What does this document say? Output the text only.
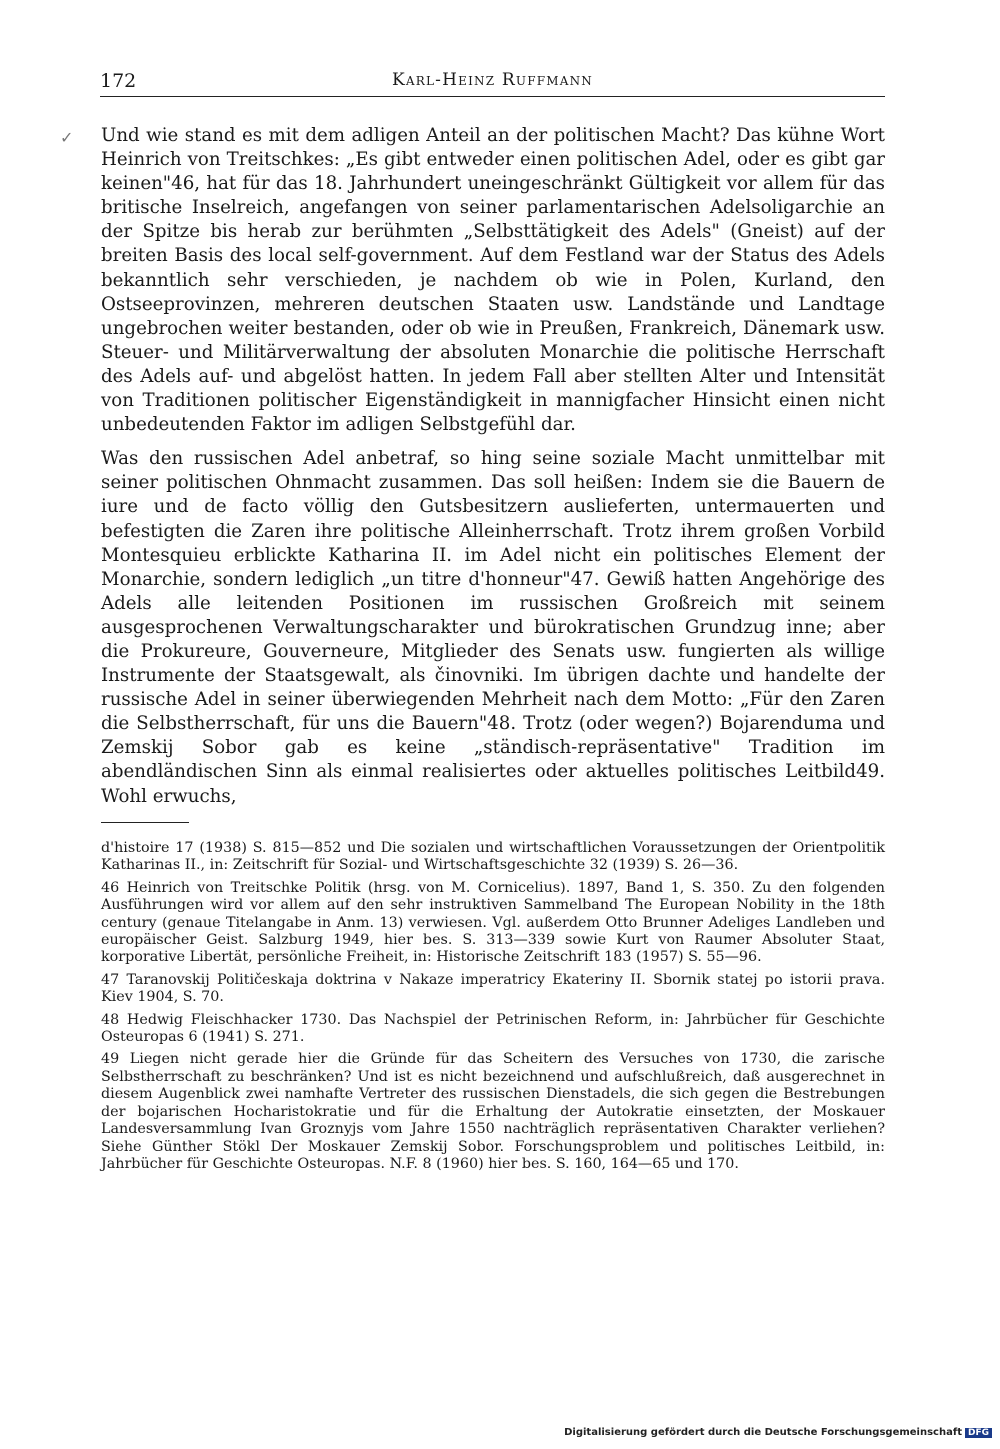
172	Karl-Heinz Ruffmann
✓ Und wie stand es mit dem adligen Anteil an der politischen Macht? Das kühne Wort Heinrich von Treitschkes: „Es gibt entweder einen politischen Adel, oder es gibt gar keinen"46, hat für das 18. Jahrhundert uneingeschränkt Gültigkeit vor allem für das britische Inselreich, angefangen von seiner parlamentarischen Adelsoligarchie an der Spitze bis herab zur berühmten „Selbsttätigkeit des Adels" (Gneist) auf der breiten Basis des local self-government. Auf dem Festland war der Status des Adels bekanntlich sehr verschieden, je nachdem ob wie in Polen, Kurland, den Ostseeprovinzen, mehreren deutschen Staaten usw. Landstände und Landtage ungebrochen weiter bestanden, oder ob wie in Preußen, Frankreich, Dänemark usw. Steuer- und Militärverwaltung der absoluten Monarchie die politische Herrschaft des Adels auf- und abgelöst hatten. In jedem Fall aber stellten Alter und Intensität von Traditionen politischer Eigenständigkeit in mannigfacher Hinsicht einen nicht unbedeutenden Faktor im adligen Selbstgefühl dar.

Was den russischen Adel anbetraf, so hing seine soziale Macht unmittelbar mit seiner politischen Ohnmacht zusammen. Das soll heißen: Indem sie die Bauern de iure und de facto völlig den Gutsbesitzern auslieferten, untermauerten und befestigten die Zaren ihre politische Alleinherrschaft. Trotz ihrem großen Vorbild Montesquieu erblickte Katharina II. im Adel nicht ein politisches Element der Monarchie, sondern lediglich „un titre d'honneur"47. Gewiß hatten Angehörige des Adels alle leitenden Positionen im russischen Großreich mit seinem ausgesprochenen Verwaltungscharakter und bürokratischen Grundzug inne; aber die Prokureure, Gouverneure, Mitglieder des Senats usw. fungierten als willige Instrumente der Staatsgewalt, als činovniki. Im übrigen dachte und handelte der russische Adel in seiner überwiegenden Mehrheit nach dem Motto: „Für den Zaren die Selbstherrschaft, für uns die Bauern"48. Trotz (oder wegen?) Bojarenduma und Zemskij Sobor gab es keine „ständisch-repräsentative" Tradition im abendländischen Sinn als einmal realisiertes oder aktuelles politisches Leitbild49. Wohl erwuchs,

d'histoire 17 (1938) S. 815—852 und Die sozialen und wirtschaftlichen Voraussetzungen der Orientpolitik Katharinas II., in: Zeitschrift für Sozial- und Wirtschaftsgeschichte 32 (1939) S. 26—36.

46 Heinrich von Treitschke Politik (hrsg. von M. Cornicelius). 1897, Band 1, S. 350. Zu den folgenden Ausführungen wird vor allem auf den sehr instruktiven Sammelband The European Nobility in the 18th century (genaue Titelangabe in Anm. 13) verwiesen. Vgl. außerdem Otto Brunner Adeliges Landleben und europäischer Geist. Salzburg 1949, hier bes. S. 313—339 sowie Kurt von Raumer Absoluter Staat, korporative Libertät, persönliche Freiheit, in: Historische Zeitschrift 183 (1957) S. 55—96.

47 Taranovskij Političeskaja doktrina v Nakaze imperatricy Ekateriny II. Sbornik statej po istorii prava. Kiev 1904, S. 70.

48 Hedwig Fleischhacker 1730. Das Nachspiel der Petrinischen Reform, in: Jahrbücher für Geschichte Osteuropas 6 (1941) S. 271.

49 Liegen nicht gerade hier die Gründe für das Scheitern des Versuches von 1730, die zarische Selbstherrschaft zu beschränken? Und ist es nicht bezeichnend und aufschlußreich, daß ausgerechnet in diesem Augenblick zwei namhafte Vertreter des russischen Dienstadels, die sich gegen die Bestrebungen der bojarischen Hocharistokratie und für die Erhaltung der Autokratie einsetzten, der Moskauer Landesversammlung Ivan Groznyjs vom Jahre 1550 nachträglich repräsentativen Charakter verliehen? Siehe Günther Stökl Der Moskauer Zemskij Sobor. Forschungsproblem und politisches Leitbild, in: Jahrbücher für Geschichte Osteuropas. N.F. 8 (1960) hier bes. S. 160, 164—65 und 170.

Digitalisierung gefördert durch die Deutsche Forschungsgemeinschaft DFG
